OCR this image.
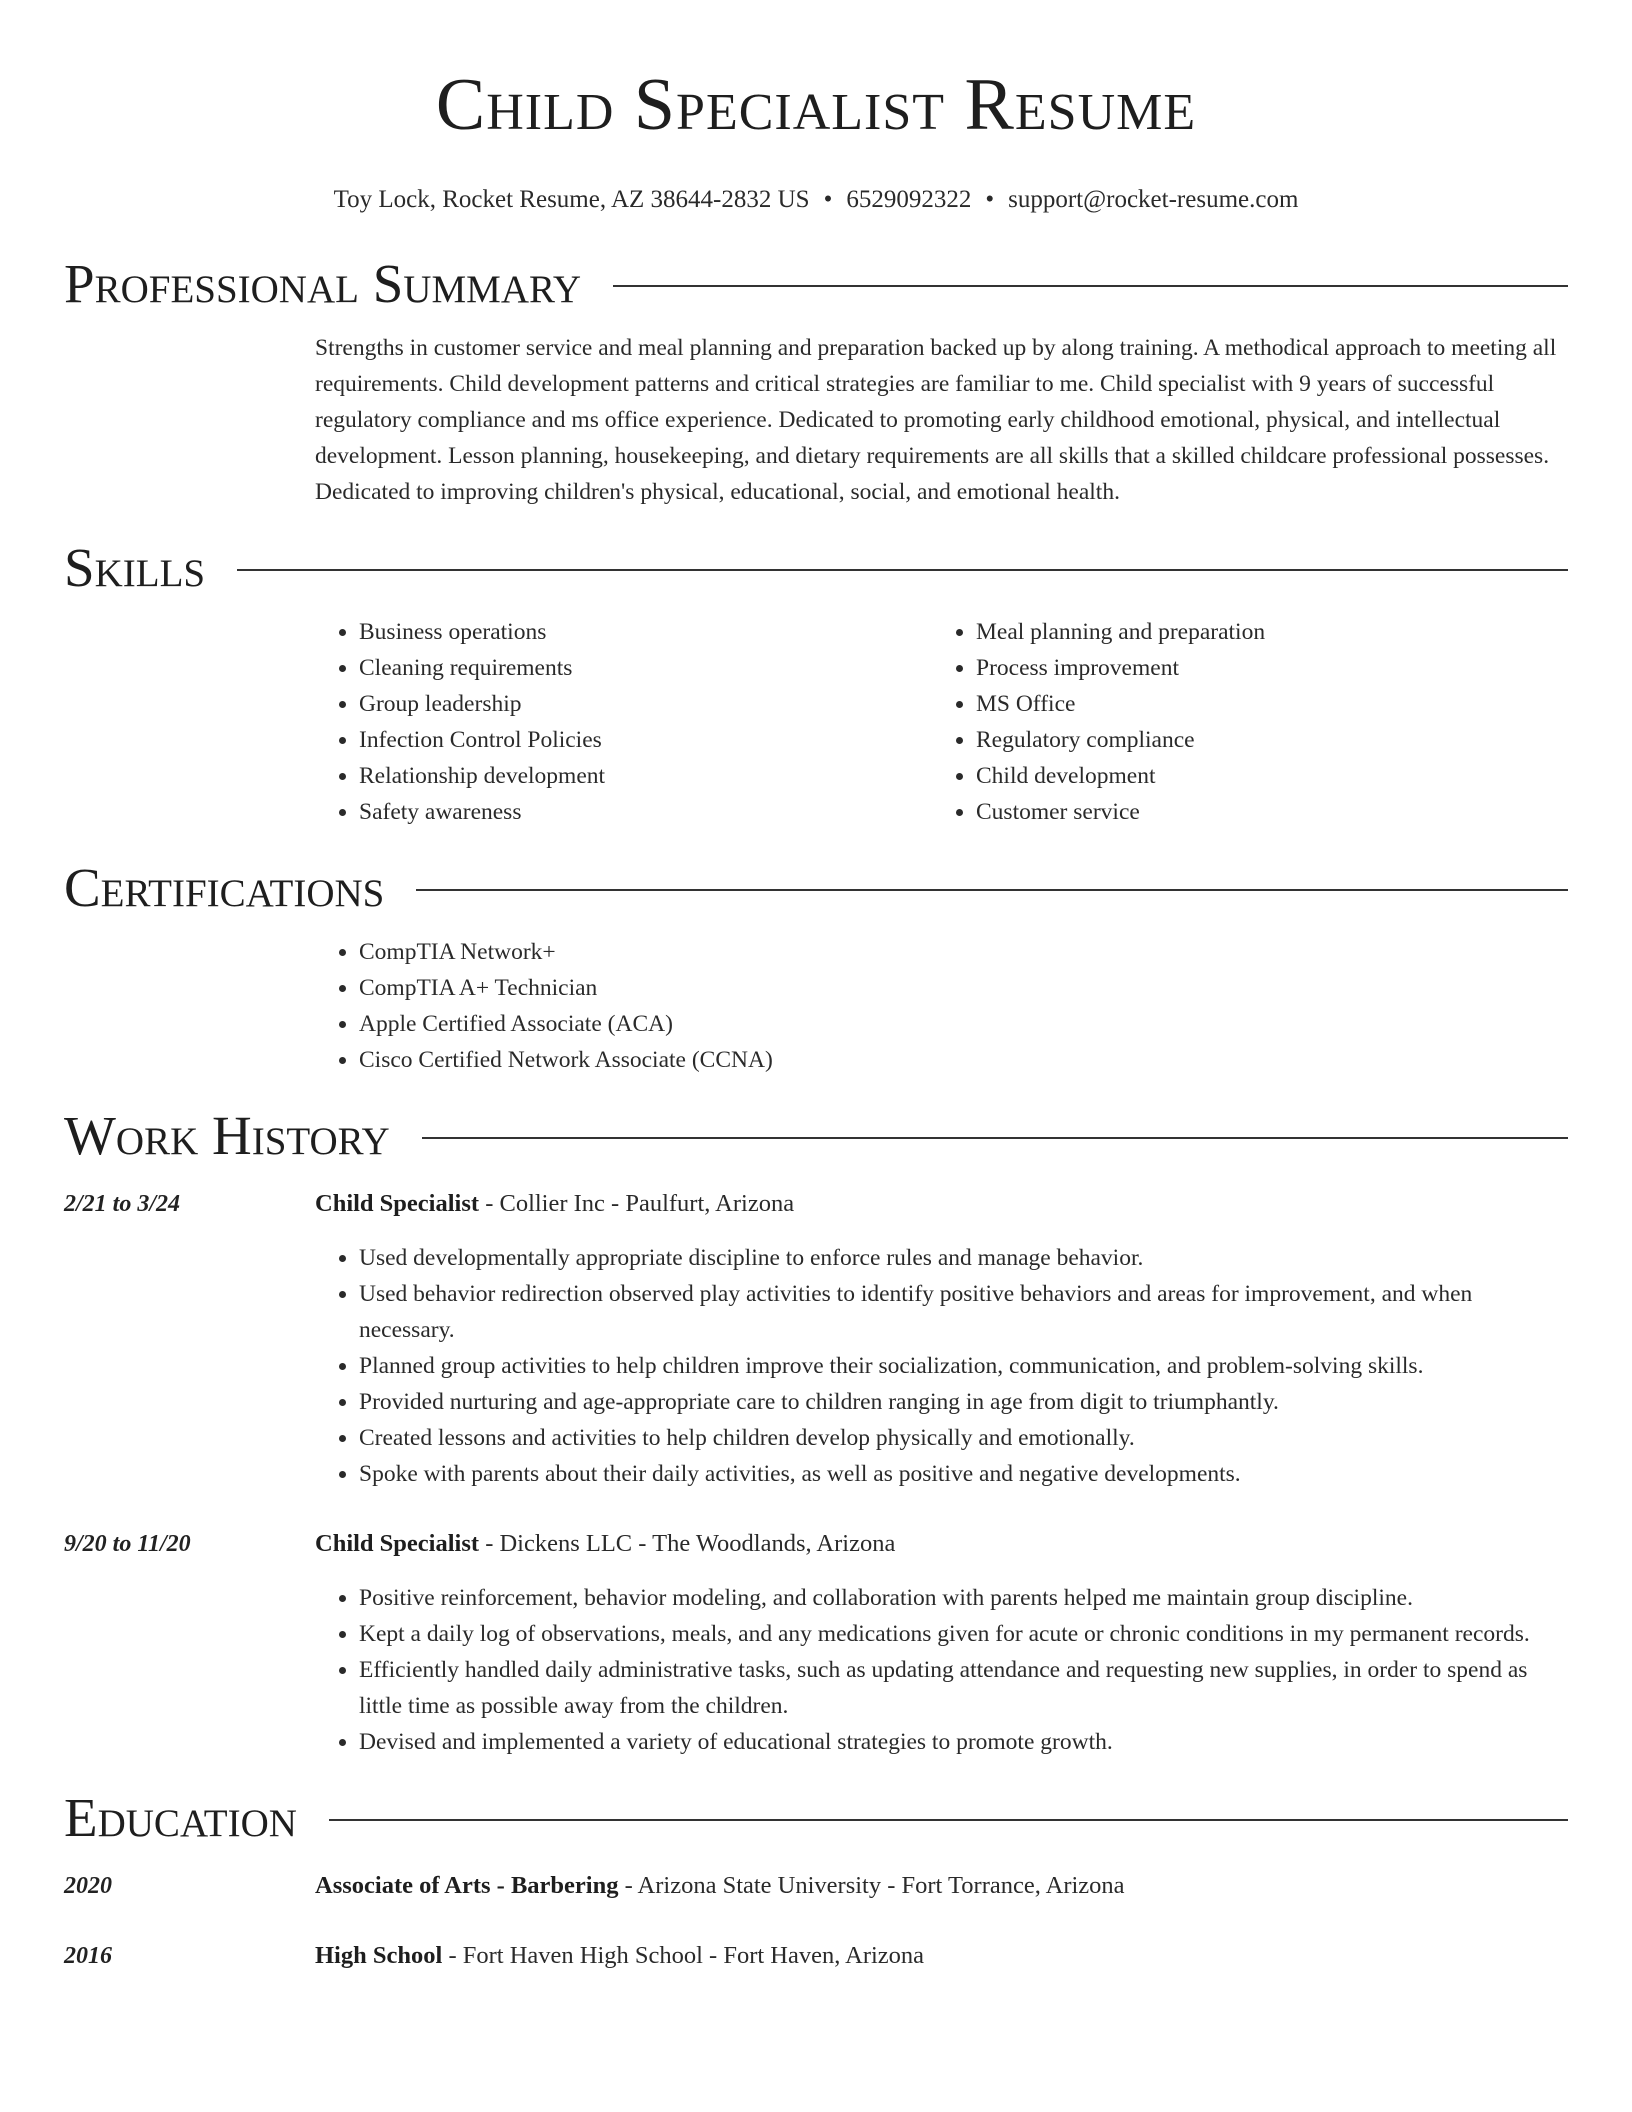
Child Specialist Resume
Toy Lock, Rocket Resume, AZ 38644-2832 US • 6529092322 • support@rocket-resume.com
Professional Summary
Strengths in customer service and meal planning and preparation backed up by along training. A methodical approach to meeting all requirements. Child development patterns and critical strategies are familiar to me. Child specialist with 9 years of successful regulatory compliance and ms office experience. Dedicated to promoting early childhood emotional, physical, and intellectual development. Lesson planning, housekeeping, and dietary requirements are all skills that a skilled childcare professional possesses. Dedicated to improving children's physical, educational, social, and emotional health.
Skills
• Business operations
• Cleaning requirements
• Group leadership
• Infection Control Policies
• Relationship development
• Safety awareness
• Meal planning and preparation
• Process improvement
• MS Office
• Regulatory compliance
• Child development
• Customer service
Certifications
• CompTIA Network+
• CompTIA A+ Technician
• Apple Certified Associate (ACA)
• Cisco Certified Network Associate (CCNA)
Work History
2/21 to 3/24	Child Specialist - Collier Inc - Paulfurt, Arizona
• Used developmentally appropriate discipline to enforce rules and manage behavior.
• Used behavior redirection observed play activities to identify positive behaviors and areas for improvement, and when necessary.
• Planned group activities to help children improve their socialization, communication, and problem-solving skills.
• Provided nurturing and age-appropriate care to children ranging in age from digit to triumphantly.
• Created lessons and activities to help children develop physically and emotionally.
• Spoke with parents about their daily activities, as well as positive and negative developments.
9/20 to 11/20	Child Specialist - Dickens LLC - The Woodlands, Arizona
• Positive reinforcement, behavior modeling, and collaboration with parents helped me maintain group discipline.
• Kept a daily log of observations, meals, and any medications given for acute or chronic conditions in my permanent records.
• Efficiently handled daily administrative tasks, such as updating attendance and requesting new supplies, in order to spend as little time as possible away from the children.
• Devised and implemented a variety of educational strategies to promote growth.
Education
2020	Associate of Arts - Barbering - Arizona State University - Fort Torrance, Arizona
2016	High School - Fort Haven High School - Fort Haven, Arizona
